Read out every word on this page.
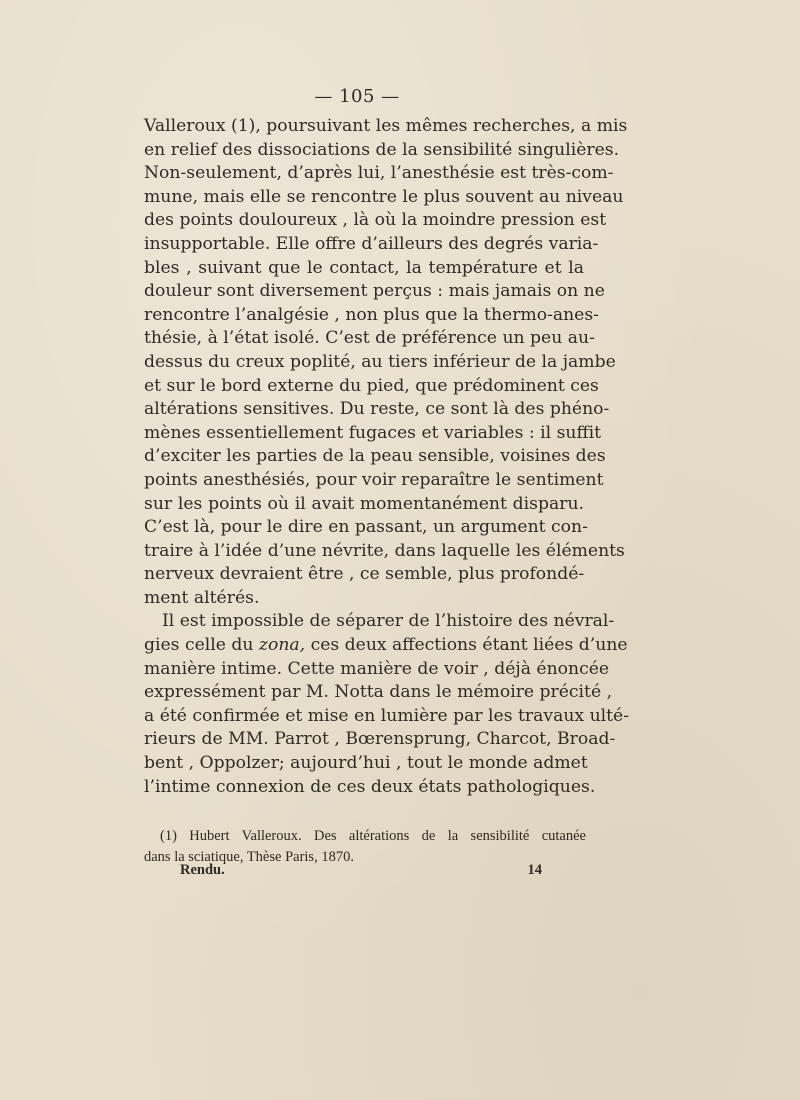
— 105 —
Valleroux (1), poursuivant les mêmes recherches, a mis
en relief des dissociations de la sensibilité singulières.
Non-seulement, d’après lui, l’anesthésie est très-com-
mune, mais elle se rencontre le plus souvent au niveau
des points douloureux , là où la moindre pression est
insupportable. Elle offre d’ailleurs des degrés varia-
bles , suivant que le contact, la température et la
douleur sont diversement perçus : mais jamais on ne
rencontre l’analgésie , non plus que la thermo-anes-
thésie, à l’état isolé. C’est de préférence un peu au-
dessus du creux poplité, au tiers inférieur de la jambe
et sur le bord externe du pied, que prédominent ces
altérations sensitives. Du reste, ce sont là des phéno-
mènes essentiellement fugaces et variables : il suffit
d’exciter les parties de la peau sensible, voisines des
points anesthésiés, pour voir reparaître le sentiment
sur les points où il avait momentanément disparu.
C’est là, pour le dire en passant, un argument con-
traire à l’idée d’une névrite, dans laquelle les éléments
nerveux devraient être , ce semble, plus profondé-
ment altérés.
Il est impossible de séparer de l’histoire des névral-
gies celle du zona, ces deux affections étant liées d’une
manière intime. Cette manière de voir , déjà énoncée
expressément par M. Notta dans le mémoire précité ,
a été confirmée et mise en lumière par les travaux ulté-
rieurs de MM. Parrot , Bœrensprung, Charcot, Broad-
bent , Oppolzer; aujourd’hui , tout le monde admet
l’intime connexion de ces deux états pathologiques.
(1) Hubert Valleroux. Des altérations de la sensibilité cutanée
dans la sciatique, Thèse Paris, 1870.
Rendu.	14
